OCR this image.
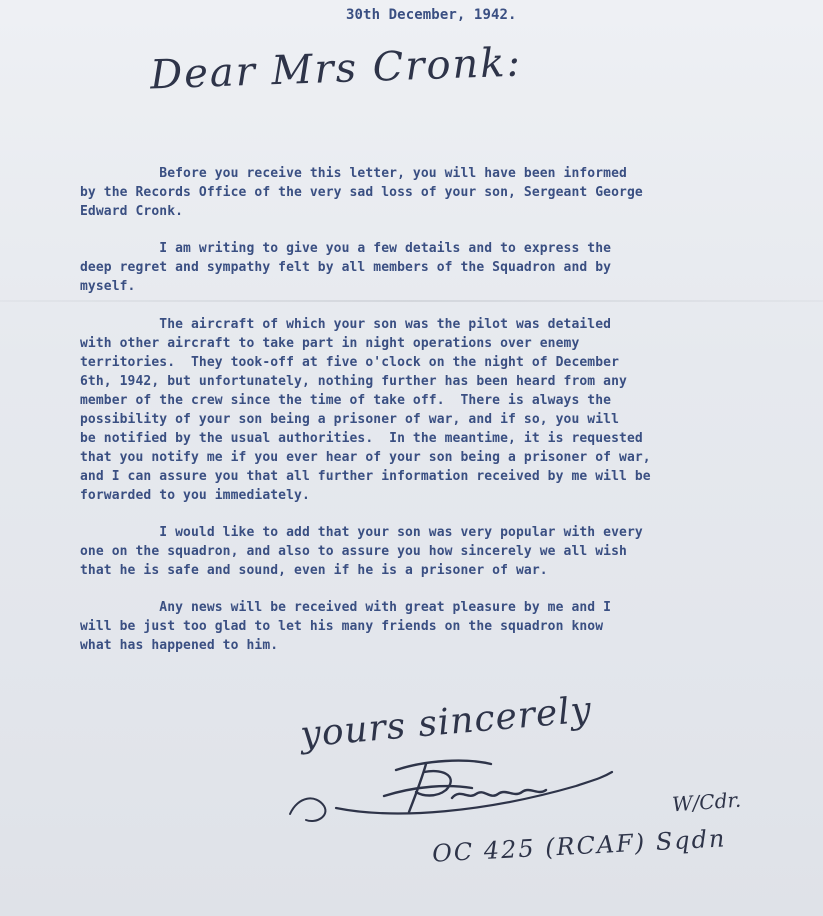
30th December, 1942.
Dear Mrs Cronk:
Before you receive this letter, you will have been informed
by the Records Office of the very sad loss of your son, Sergeant George
Edward Cronk.
I am writing to give you a few details and to express the
deep regret and sympathy felt by all members of the Squadron and by
myself.
The aircraft of which your son was the pilot was detailed
with other aircraft to take part in night operations over enemy
territories.  They took-off at five o'clock on the night of December
6th, 1942, but unfortunately, nothing further has been heard from any
member of the crew since the time of take off.  There is always the
possibility of your son being a prisoner of war, and if so, you will
be notified by the usual authorities.  In the meantime, it is requested
that you notify me if you ever hear of your son being a prisoner of war,
and I can assure you that all further information received by me will be
forwarded to you immediately.
I would like to add that your son was very popular with every
one on the squadron, and also to assure you how sincerely we all wish
that he is safe and sound, even if he is a prisoner of war.
Any news will be received with great pleasure by me and I
will be just too glad to let his many friends on the squadron know
what has happened to him.
yours sincerely
W/Cdr.
OC 425 (RCAF) Sqdn
